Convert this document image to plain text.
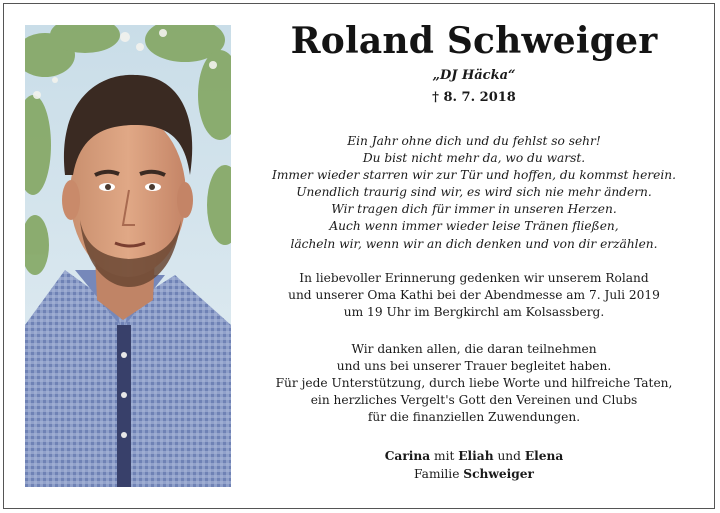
Roland Schweiger
„DJ Häcka“
† 8. 7. 2018
Ein Jahr ohne dich und du fehlst so sehr!
Du bist nicht mehr da, wo du warst.
Immer wieder starren wir zur Tür und hoffen, du kommst herein.
Unendlich traurig sind wir, es wird sich nie mehr ändern.
Wir tragen dich für immer in unseren Herzen.
Auch wenn immer wieder leise Tränen fließen,
lächeln wir, wenn wir an dich denken und von dir erzählen.
In liebevoller Erinnerung gedenken wir unserem Roland
und unserer Oma Kathi bei der Abendmesse am 7. Juli 2019
um 19 Uhr im Bergkirchl am Kolsassberg.
Wir danken allen, die daran teilnehmen
und uns bei unserer Trauer begleitet haben.
Für jede Unterstützung, durch liebe Worte und hilfreiche Taten,
ein herzliches Vergelt's Gott den Vereinen und Clubs
für die finanziellen Zuwendungen.
Carina mit Eliah und Elena
Familie Schweiger
